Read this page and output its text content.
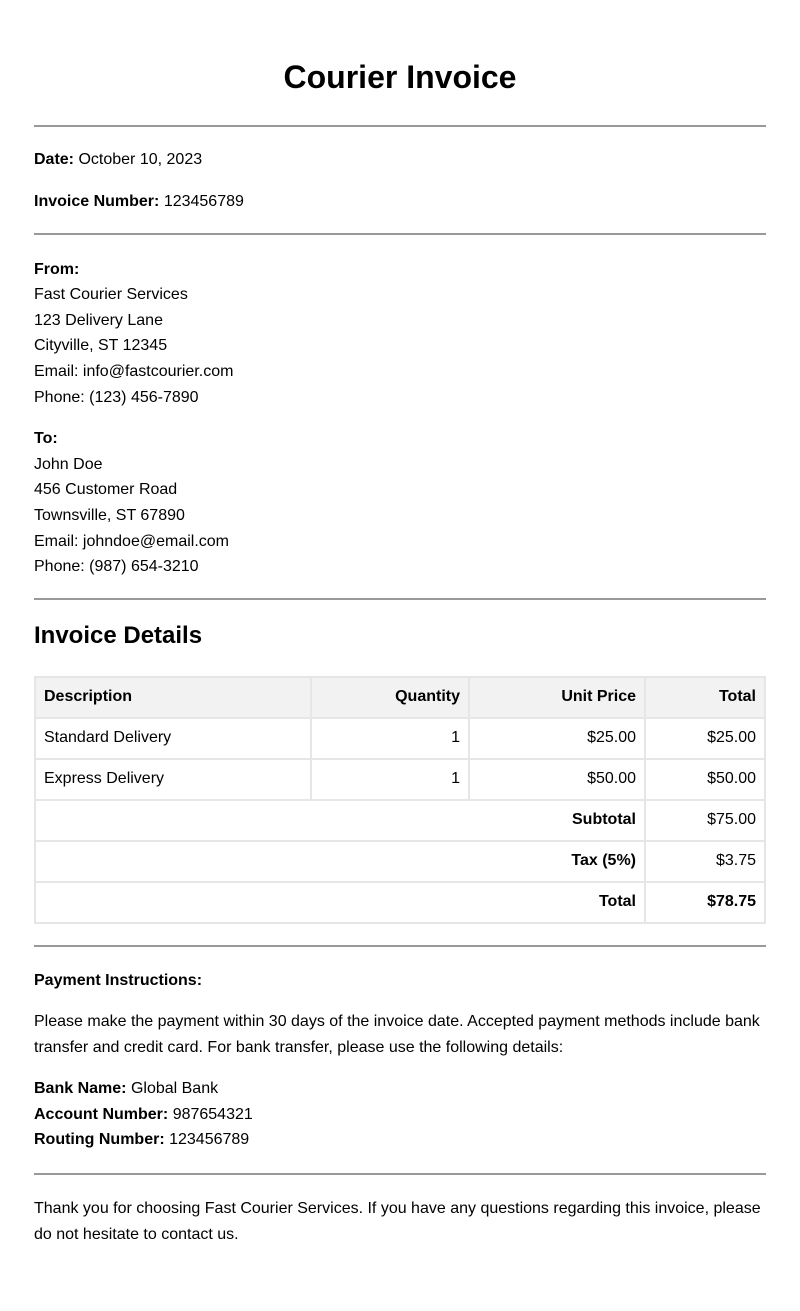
Courier Invoice

Date: October 10, 2023

Invoice Number: 123456789

From:
Fast Courier Services
123 Delivery Lane
Cityville, ST 12345
Email: info@fastcourier.com
Phone: (123) 456-7890
To:
John Doe
456 Customer Road
Townsville, ST 67890
Email: johndoe@email.com
Phone: (987) 654-3210
Invoice Details
Description	Quantity	Unit Price	Total
Standard Delivery	1	$25.00	$25.00
Express Delivery	1	$50.00	$50.00
Subtotal			$75.00
Tax (5%)			$3.75
Total			$78.75

Payment Instructions:

Please make the payment within 30 days of the invoice date. Accepted payment methods include bank transfer and credit card. For bank transfer, please use the following details:

Bank Name: Global Bank
Account Number: 987654321
Routing Number: 123456789

Thank you for choosing Fast Courier Services. If you have any questions regarding this invoice, please do not hesitate to contact us.
